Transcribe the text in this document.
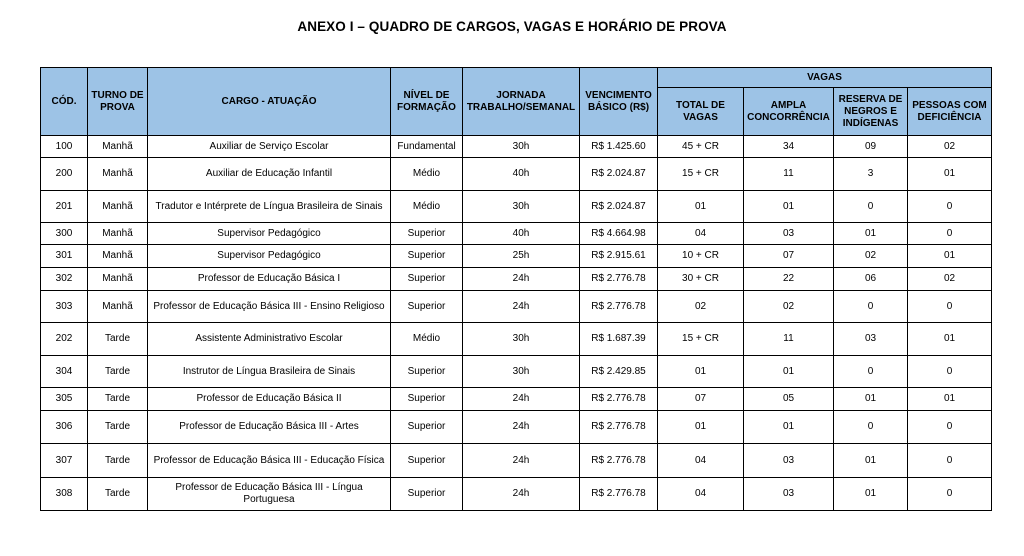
ANEXO I – QUADRO DE CARGOS, VAGAS E HORÁRIO DE PROVA
CÓD.	TURNO DE PROVA	CARGO - ATUAÇÃO	NÍVEL DE FORMAÇÃO	JORNADA TRABALHO/SEMANAL	VENCIMENTO BÁSICO (R$)	VAGAS			
						TOTAL DE VAGAS	AMPLA CONCORRÊNCIA	RESERVA DE NEGROS E INDÍGENAS	PESSOAS COM DEFICIÊNCIA
100	Manhã	Auxiliar de Serviço Escolar	Fundamental	30h	R$ 1.425.60	45 + CR	34	09	02
200	Manhã	Auxiliar de Educação Infantil	Médio	40h	R$ 2.024.87	15 + CR	11	3	01
201	Manhã	Tradutor e Intérprete de Língua Brasileira de Sinais	Médio	30h	R$ 2.024.87	01	01	0	0
300	Manhã	Supervisor Pedagógico	Superior	40h	R$ 4.664.98	04	03	01	0
301	Manhã	Supervisor Pedagógico	Superior	25h	R$ 2.915.61	10 + CR	07	02	01
302	Manhã	Professor de Educação Básica I	Superior	24h	R$ 2.776.78	30 + CR	22	06	02
303	Manhã	Professor de Educação Básica III - Ensino Religioso	Superior	24h	R$ 2.776.78	02	02	0	0
202	Tarde	Assistente Administrativo Escolar	Médio	30h	R$ 1.687.39	15 + CR	11	03	01
304	Tarde	Instrutor de Língua Brasileira de Sinais	Superior	30h	R$ 2.429.85	01	01	0	0
305	Tarde	Professor de Educação Básica II	Superior	24h	R$ 2.776.78	07	05	01	01
306	Tarde	Professor de Educação Básica III - Artes	Superior	24h	R$ 2.776.78	01	01	0	0
307	Tarde	Professor de Educação Básica III - Educação Física	Superior	24h	R$ 2.776.78	04	03	01	0
308	Tarde	Professor de Educação Básica III - Língua Portuguesa	Superior	24h	R$ 2.776.78	04	03	01	0
